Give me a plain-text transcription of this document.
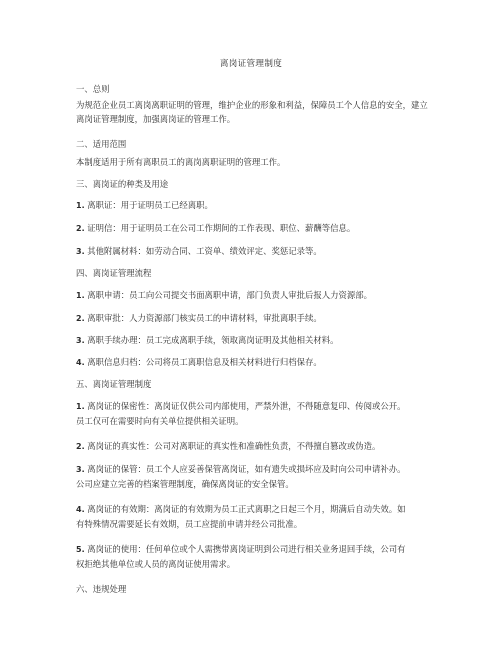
离岗证管理制度

一、总则

为规范企业员工离岗离职证明的管理，维护企业的形象和利益，保障员工个人信息的安全，建立离岗证管理制度，加强离岗证的管理工作。

二、适用范围

本制度适用于所有离职员工的离岗离职证明的管理工作。

三、离岗证的种类及用途

1. 离职证：用于证明员工已经离职。

2. 证明信：用于证明员工在公司工作期间的工作表现、职位、薪酬等信息。

3. 其他附属材料：如劳动合同、工资单、绩效评定、奖惩记录等。

四、离岗证管理流程

1. 离职申请：员工向公司提交书面离职申请，部门负责人审批后报人力资源部。

2. 离职审批：人力资源部门核实员工的申请材料，审批离职手续。

3. 离职手续办理：员工完成离职手续，领取离岗证明及其他相关材料。

4. 离职信息归档：公司将员工离职信息及相关材料进行归档保存。

五、离岗证管理制度

1. 离岗证的保密性：离岗证仅供公司内部使用，严禁外泄，不得随意复印、传阅或公开。

员工仅可在需要时向有关单位提供相关证明。

2. 离岗证的真实性：公司对离职证的真实性和准确性负责，不得擅自篡改或伪造。

3. 离岗证的保管：员工个人应妥善保管离岗证，如有遗失或损坏应及时向公司申请补办。

公司应建立完善的档案管理制度，确保离岗证的安全保管。

4. 离岗证的有效期：离岗证的有效期为员工正式离职之日起三个月，期满后自动失效。如

有特殊情况需要延长有效期，员工应提前申请并经公司批准。

5. 离岗证的使用：任何单位或个人需携带离岗证明到公司进行相关业务退回手续，公司有

权拒绝其他单位或人员的离岗证使用需求。

六、违规处理
